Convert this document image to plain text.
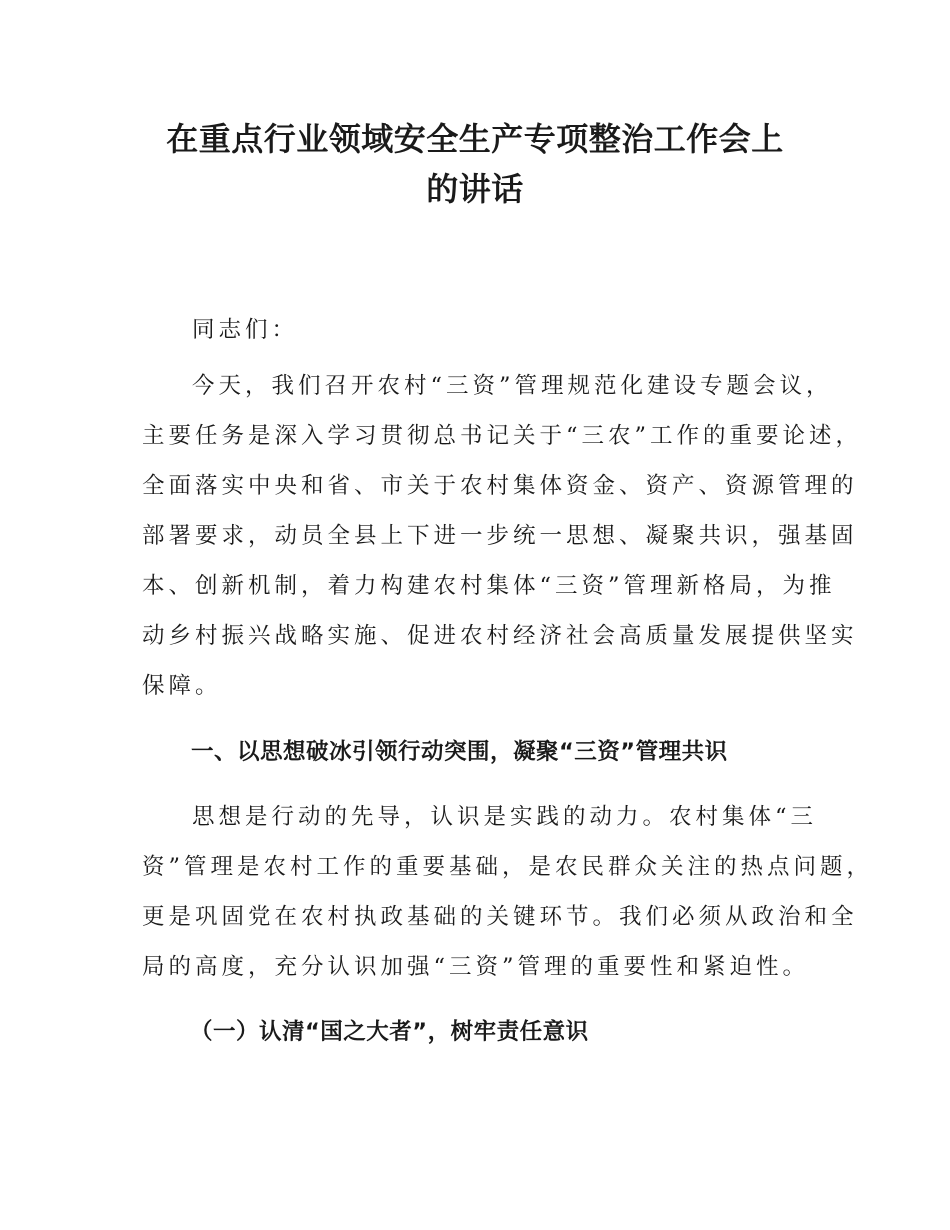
在重点行业领域安全生产专项整治工作会上
的讲话

同志们：

今天，我们召开农村“三资”管理规范化建设专题会议，
主要任务是深入学习贯彻总书记关于“三农”工作的重要论述，
全面落实中央和省、市关于农村集体资金、资产、资源管理的
部署要求，动员全县上下进一步统一思想、凝聚共识，强基固
本、创新机制，着力构建农村集体“三资”管理新格局，为推
动乡村振兴战略实施、促进农村经济社会高质量发展提供坚实
保障。

一、以思想破冰引领行动突围，凝聚“三资”管理共识

思想是行动的先导，认识是实践的动力。农村集体“三
资”管理是农村工作的重要基础，是农民群众关注的热点问题，
更是巩固党在农村执政基础的关键环节。我们必须从政治和全
局的高度，充分认识加强“三资”管理的重要性和紧迫性。

（一）认清“国之大者”，树牢责任意识
